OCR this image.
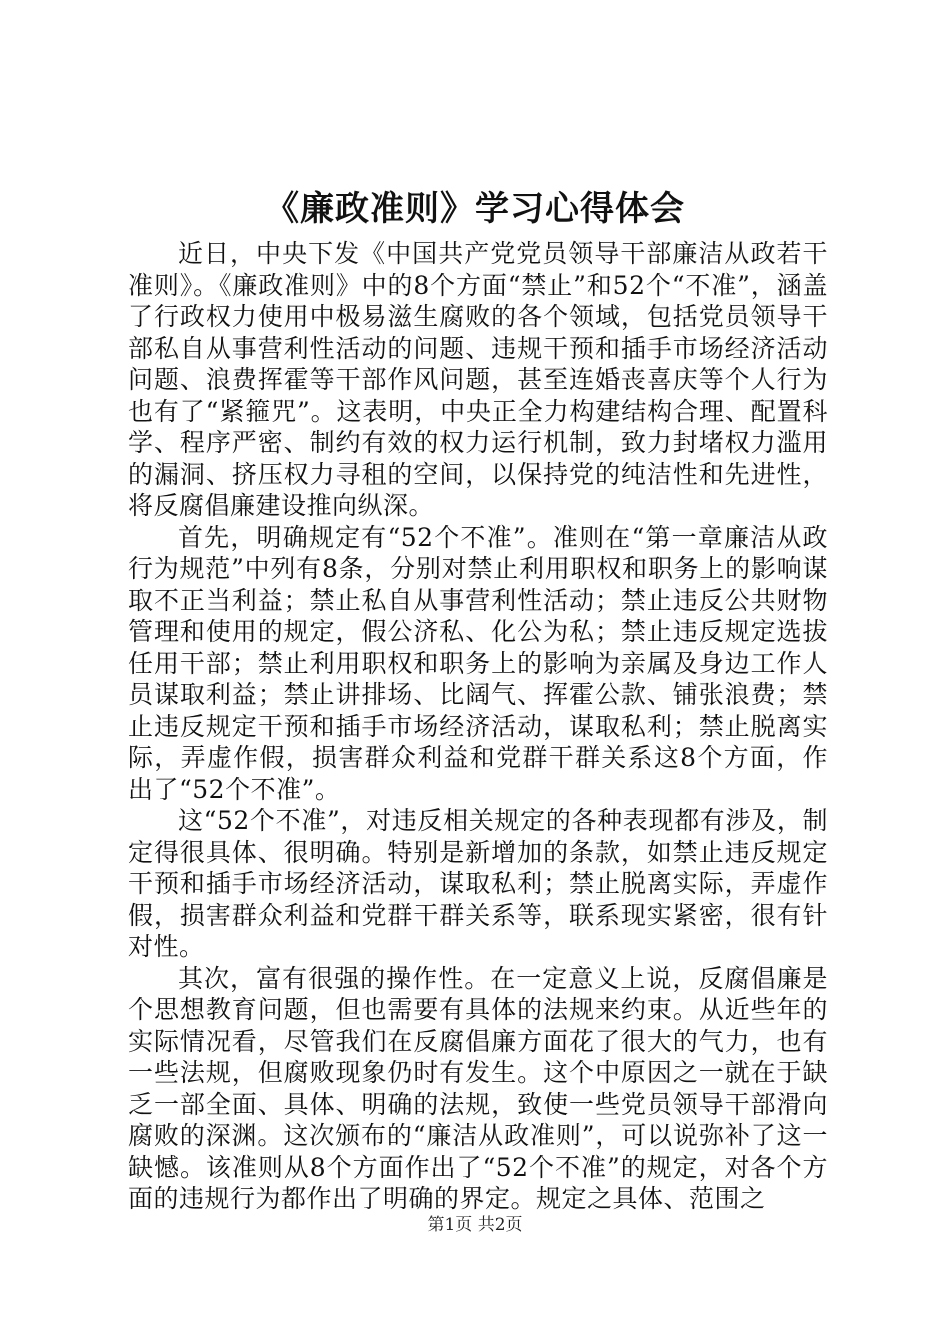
《廉政准则》学习心得体会

近日，中央下发《中国共产党党员领导干部廉洁从政若干准则》。《廉政准则》中的8个方面“禁止”和52个“不准”，涵盖了行政权力使用中极易滋生腐败的各个领域，包括党员领导干部私自从事营利性活动的问题、违规干预和插手市场经济活动问题、浪费挥霍等干部作风问题，甚至连婚丧喜庆等个人行为也有了“紧箍咒”。这表明，中央正全力构建结构合理、配置科学、程序严密、制约有效的权力运行机制，致力封堵权力滥用的漏洞、挤压权力寻租的空间，以保持党的纯洁性和先进性，将反腐倡廉建设推向纵深。

首先，明确规定有“52个不准”。准则在“第一章廉洁从政行为规范”中列有8条，分别对禁止利用职权和职务上的影响谋取不正当利益；禁止私自从事营利性活动；禁止违反公共财物管理和使用的规定，假公济私、化公为私；禁止违反规定选拔任用干部；禁止利用职权和职务上的影响为亲属及身边工作人员谋取利益；禁止讲排场、比阔气、挥霍公款、铺张浪费；禁止违反规定干预和插手市场经济活动，谋取私利；禁止脱离实际，弄虚作假，损害群众利益和党群干群关系这8个方面，作出了“52个不准”。

这“52个不准”，对违反相关规定的各种表现都有涉及，制定得很具体、很明确。特别是新增加的条款，如禁止违反规定干预和插手市场经济活动，谋取私利；禁止脱离实际，弄虚作假，损害群众利益和党群干群关系等，联系现实紧密，很有针对性。

其次，富有很强的操作性。在一定意义上说，反腐倡廉是个思想教育问题，但也需要有具体的法规来约束。从近些年的实际情况看，尽管我们在反腐倡廉方面花了很大的气力，也有一些法规，但腐败现象仍时有发生。这个中原因之一就在于缺乏一部全面、具体、明确的法规，致使一些党员领导干部滑向腐败的深渊。这次颁布的“廉洁从政准则”，可以说弥补了这一缺憾。该准则从8个方面作出了“52个不准”的规定，对各个方面的违规行为都作出了明确的界定。规定之具体、范围之

第1页 共2页
